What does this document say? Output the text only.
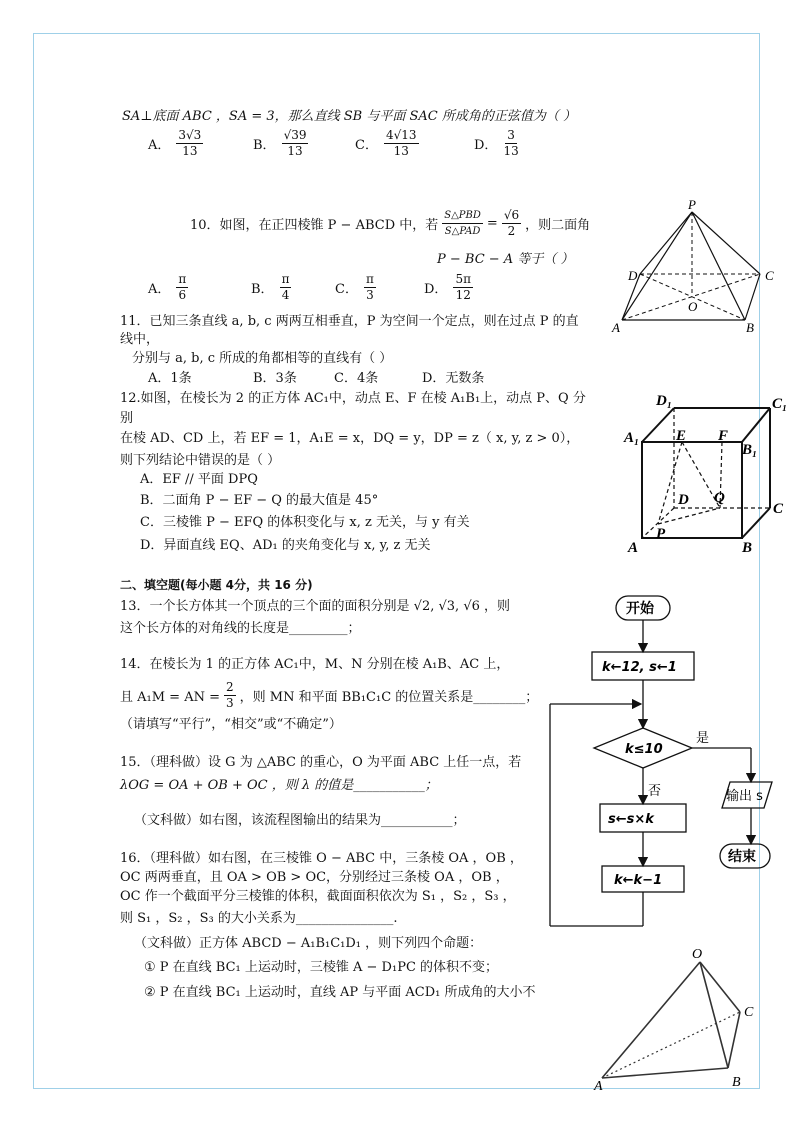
SA⊥底面 ABC ，SA = 3，那么直线 SB 与平面 SAC 所成角的正弦值为（ ）
A． $\frac{3√3}{13}$	B． $\frac{√39}{13}$	C． $\frac{4√13}{13}$	D． $\frac{3}{13}$
10．如图，在正四棱锥 P − ABCD 中，若 $\frac{\text{S△PBD}}{\text{S△PAD}} = \frac{√6}{2}$ ，则二面角
P − BC − A 等于（ ）
A． $\frac{\pi}{6}$	B． $\frac{\pi}{4}$	C． $\frac{\pi}{3}$	D． $\frac{5\pi}{12}$
P
D	C
O
A	B
11．已知三条直线 a, b, c 两两互相垂直，P 为空间一个定点，则在过点 P 的直
线中，
分别与 a, b, c 所成的角都相等的直线有（ ）
A．1条	B．3条	C．4条	D．无数条
12.如图，在棱长为 2 的正方体 AC₁中，动点 E、F 在棱 A₁B₁上，动点 P、Q 分
别
在棱 AD、CD 上，若 EF = 1，A₁E = x，DQ = y，DP = z（ x, y, z > 0），
则下列结论中错误的是（ ）
A．EF // 平面 DPQ
B．二面角 P − EF − Q 的最大值是 45°
C．三棱锥 P − EFQ 的体积变化与 x, z 无关，与 y 有关
D．异面直线 EQ、AD₁ 的夹角变化与 x, y, z 无关
D₁	C₁
A₁ E F
B₁
D Q
C
A
P
B
二、填空题(每小题 4分，共 16 分)
13．一个长方体其一个顶点的三个面的面积分别是 √2, √3, √6 ，则
这个长方体的对角线的长度是_________；
14．在棱长为 1 的正方体 AC₁中，M、N 分别在棱 A₁B、AC 上，
且 A₁M = AN = $\frac{2}{3}$ ，则 MN 和平面 BB₁C₁C 的位置关系是________；
（请填写“平行”，“相交”或“不确定”）
15．（理科做）设 G 为 △ABC 的重心，O 为平面 ABC 上任一点，若
λOG = OA + OB + OC ，则 λ 的值是___________；
（文科做）如右图，该流程图输出的结果为___________；
16．（理科做）如右图，在三棱锥 O − ABC 中，三条棱 OA ，OB ，
OC 两两垂直，且 OA > OB > OC，分别经过三条棱 OA ，OB ，
OC 作一个截面平分三棱锥的体积，截面面积依次为 S₁ ，S₂ ，S₃ ，
则 S₁ ，S₂ ，S₃ 的大小关系为_______________.
（文科做）正方体 ABCD − A₁B₁C₁D₁ ，则下列四个命题：
① P 在直线 BC₁ 上运动时，三棱锥 A − D₁PC 的体积不变；
② P 在直线 BC₁ 上运动时，直线 AP 与平面 ACD₁ 所成角的大小不
开始
k←12, s←1
k≤10
是
否	输出 s
结束
s←s×k
k←k−1
O
C
A	B
